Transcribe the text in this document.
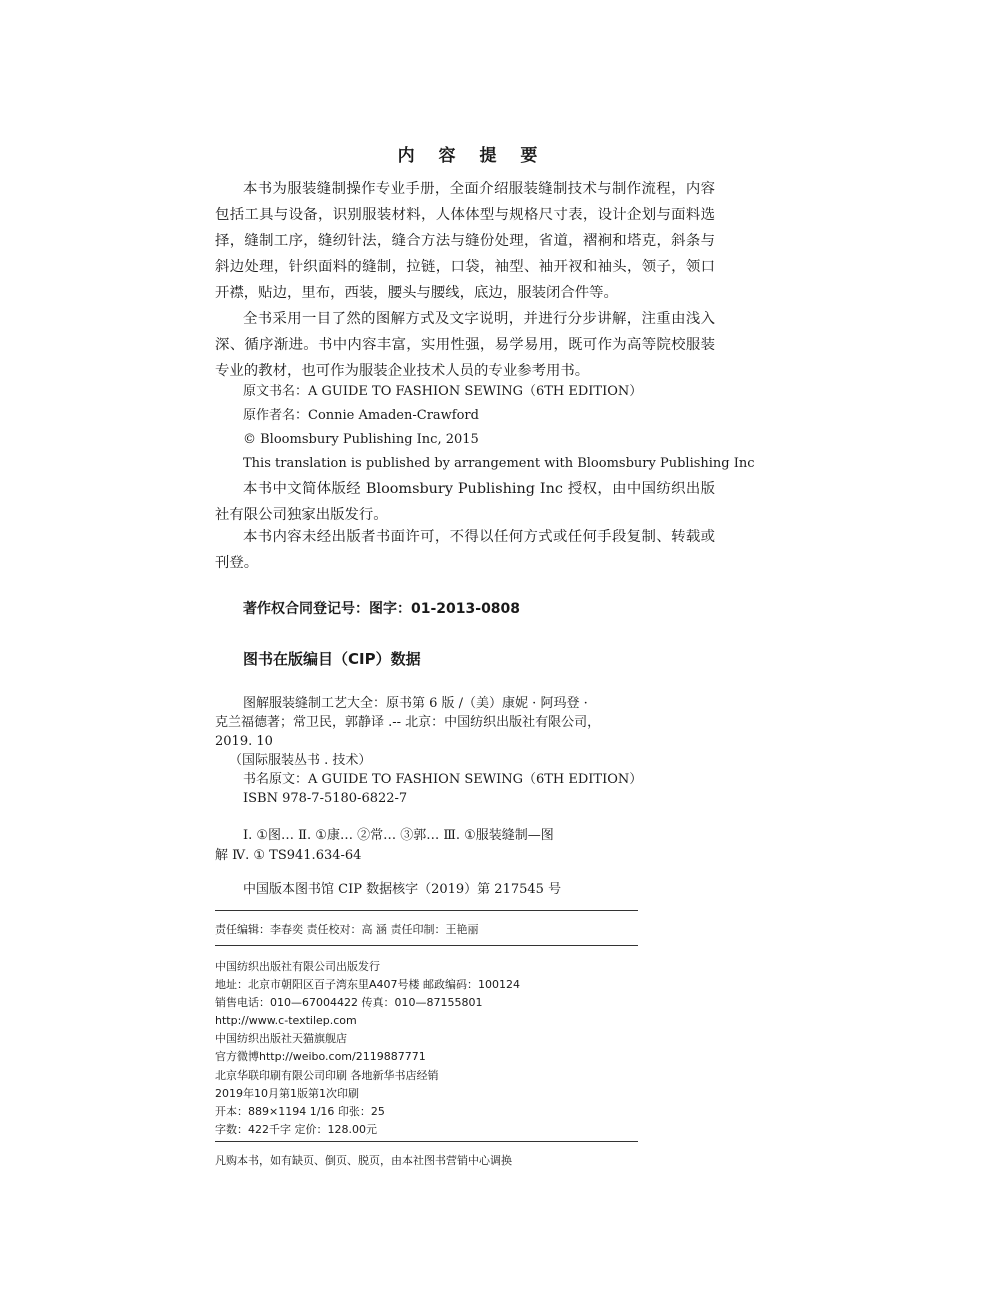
内 容 提 要

本书为服装缝制操作专业手册，全面介绍服装缝制技术与制作流程，内容包括工具与设备，识别服装材料，人体体型与规格尺寸表，设计企划与面料选择，缝制工序，缝纫针法，缝合方法与缝份处理，省道，褶裥和塔克，斜条与斜边处理，针织面料的缝制，拉链，口袋，袖型、袖开衩和袖头，领子，领口开襟，贴边，里布，西装，腰头与腰线，底边，服装闭合件等。

全书采用一目了然的图解方式及文字说明，并进行分步讲解，注重由浅入深、循序渐进。书中内容丰富，实用性强，易学易用，既可作为高等院校服装专业的教材，也可作为服装企业技术人员的专业参考用书。

原文书名：A GUIDE TO FASHION SEWING（6TH EDITION）
原作者名：Connie Amaden-Crawford
© Bloomsbury Publishing Inc, 2015
This translation is published by arrangement with Bloomsbury Publishing Inc

本书中文简体版经 Bloomsbury Publishing Inc 授权，由中国纺织出版社有限公司独家出版发行。

本书内容未经出版者书面许可，不得以任何方式或任何手段复制、转载或刊登。

著作权合同登记号：图字：01-2013-0808
图书在版编目（CIP）数据
图解服装缝制工艺大全：原书第 6 版 /（美）康妮 · 阿玛登 ·
克兰福德著；常卫民，郭静译 .-- 北京：中国纺织出版社有限公司，
2019. 10
（国际服装丛书 . 技术）
书名原文：A GUIDE TO FASHION SEWING（6TH EDITION）
ISBN 978-7-5180-6822-7
Ⅰ. ①图… Ⅱ. ①康… ②常… ③郭… Ⅲ. ①服装缝制—图
解 Ⅳ. ① TS941.634-64
中国版本图书馆 CIP 数据核字（2019）第 217545 号
责任编辑：李春奕 责任校对：高 涵 责任印制：王艳丽
中国纺织出版社有限公司出版发行
地址：北京市朝阳区百子湾东里A407号楼 邮政编码：100124
销售电话：010—67004422 传真：010—87155801
http://www.c-textilep.com
中国纺织出版社天猫旗舰店
官方微博http://weibo.com/2119887771
北京华联印刷有限公司印刷 各地新华书店经销
2019年10月第1版第1次印刷
开本：889×1194 1/16 印张：25
字数：422千字 定价：128.00元
凡购本书，如有缺页、倒页、脱页，由本社图书营销中心调换
